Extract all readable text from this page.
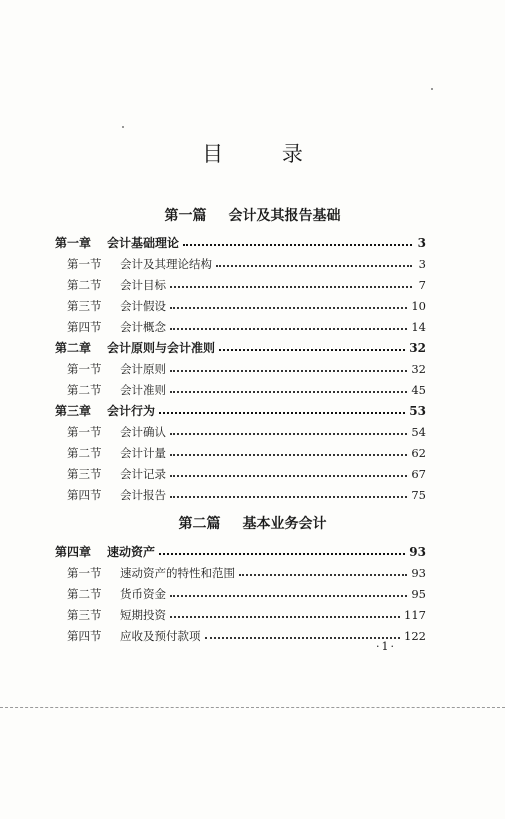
目 录
第一篇 会计及其报告基础
第一章	会计基础理论	3
第一节	会计及其理论结构	3
第二节	会计目标	7
第三节	会计假设	10
第四节	会计概念	14
第二章	会计原则与会计准则	32
第一节	会计原则	32
第二节	会计准则	45
第三章	会计行为	53
第一节	会计确认	54
第二节	会计计量	62
第三节	会计记录	67
第四节	会计报告	75
第二篇 基本业务会计
第四章	速动资产	93
第一节	速动资产的特性和范围	93
第二节	货币资金	95
第三节	短期投资	117
第四节	应收及预付款项	122
·1·
